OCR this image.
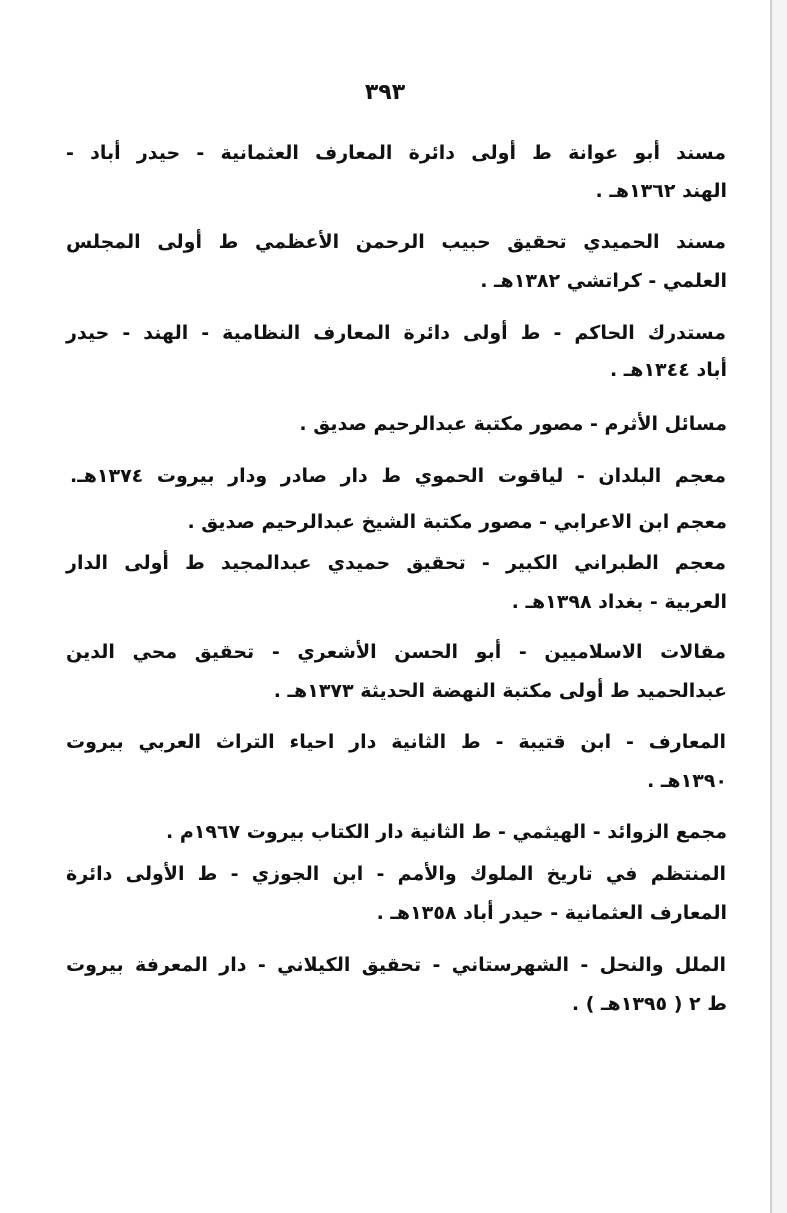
٣٩٣
مسند أبو عوانة ط أولى دائرة المعارف العثمانية - حيدر أباد -
الهند ١٣٦٢هـ .
مسند الحميدي تحقيق حبيب الرحمن الأعظمي ط أولى المجلس
العلمي - كراتشي ١٣٨٢هـ .
مستدرك الحاكم - ط أولى دائرة المعارف النظامية - الهند - حيدر
أباد ١٣٤٤هـ .
مسائل الأثرم - مصور مكتبة عبدالرحيم صديق .
معجم البلدان - لياقوت الحموي ط دار صادر ودار بيروت ١٣٧٤هـ.
معجم ابن الاعرابي - مصور مكتبة الشيخ عبدالرحيم صديق .
معجم الطبراني الكبير - تحقيق حميدي عبدالمجيد ط أولى الدار
العربية - بغداد ١٣٩٨هـ .
مقالات الاسلاميين - أبو الحسن الأشعري - تحقيق محي الدين
عبدالحميد ط أولى مكتبة النهضة الحديثة ١٣٧٣هـ .
المعارف - ابن قتيبة - ط الثانية دار احياء التراث العربي بيروت
١٣٩٠هـ .
مجمع الزوائد - الهيثمي - ط الثانية دار الكتاب بيروت ١٩٦٧م .
المنتظم في تاريخ الملوك والأمم - ابن الجوزي - ط الأولى دائرة
المعارف العثمانية - حيدر أباد ١٣٥٨هـ .
الملل والنحل - الشهرستاني - تحقيق الكيلاني - دار المعرفة بيروت
ط ٢ ( ١٣٩٥هـ ) .
